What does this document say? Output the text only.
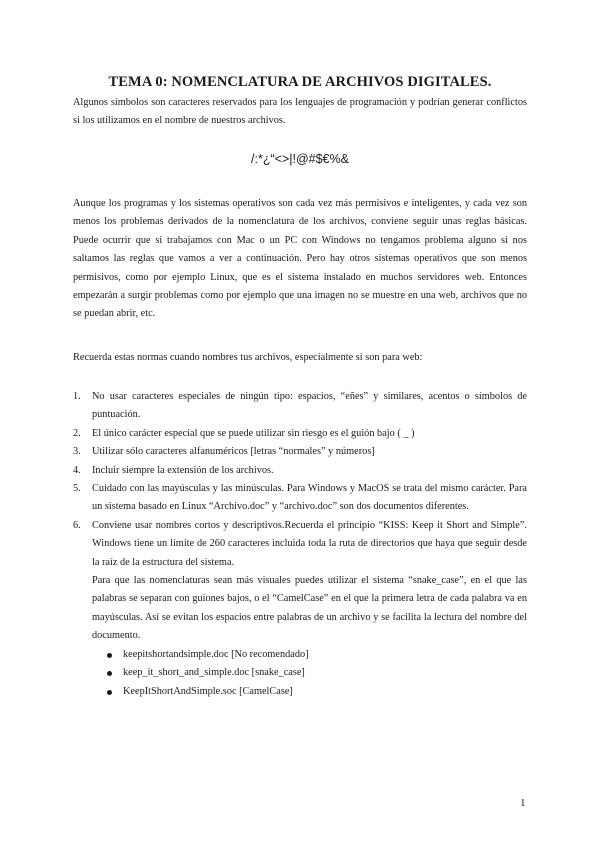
TEMA 0: NOMENCLATURA DE ARCHIVOS DIGITALES.
Algunos símbolos son caracteres reservados para los lenguajes de programación y podrían generar conflictos si los utilizamos en el nombre de nuestros archivos.
/:*¿“<>|!@#$€%&
Aunque los programas y los sistemas operativos son cada vez más permisivos e inteligentes, y cada vez son menos los problemas derivados de la nomenclatura de los archivos, conviene seguir unas reglas básicas. Puede ocurrir que si trabajamos con Mac o un PC con Windows no tengamos problema alguno si nos saltamos las reglas que vamos a ver a continuación. Pero hay otros sistemas operativos que son menos permisivos, como por ejemplo Linux, que es el sistema instalado en muchos servidores web. Entonces empezarán a surgir problemas como por ejemplo que una imagen no se muestre en una web, archivos que no se puedan abrir, etc.
Recuerda estas normas cuando nombres tus archivos, especialmente si son para web:
1. No usar caracteres especiales de ningún tipo: espacios, “eñes” y similares, acentos o símbolos de puntuación.
2. El único carácter especial que se puede utilizar sin riesgo es el guión bajo ( _ )
3. Utilizar sólo caracteres alfanuméricos [letras “normales” y números]
4. Incluir siempre la extensión de los archivos.
5. Cuidado con las mayúsculas y las minúsculas. Para Windows y MacOS se trata del mismo carácter. Para un sistema basado en Linux “Archivo.doc” y “archivo.doc” son dos documentos diferentes.
6. Conviene usar nombres cortos y descriptivos.Recuerda el principio “KISS: Keep it Short and Simple”. Windows tiene un límite de 260 caracteres incluida toda la ruta de directorios que haya que seguir desde la raíz de la estructura del sistema.
Para que las nomenclaturas sean más visuales puedes utilizar el sistema “snake_case”, en el que las palabras se separan con guiones bajos, o el “CamelCase” en el que la primera letra de cada palabra va en mayúsculas. Así se evitan los espacios entre palabras de un archivo y se facilita la lectura del nombre del documento.
keepitshortandsimple.doc [No recomendado]
keep_it_short_and_simple.doc [snake_case]
KeepItShortAndSimple.soc [CamelCase]
1
